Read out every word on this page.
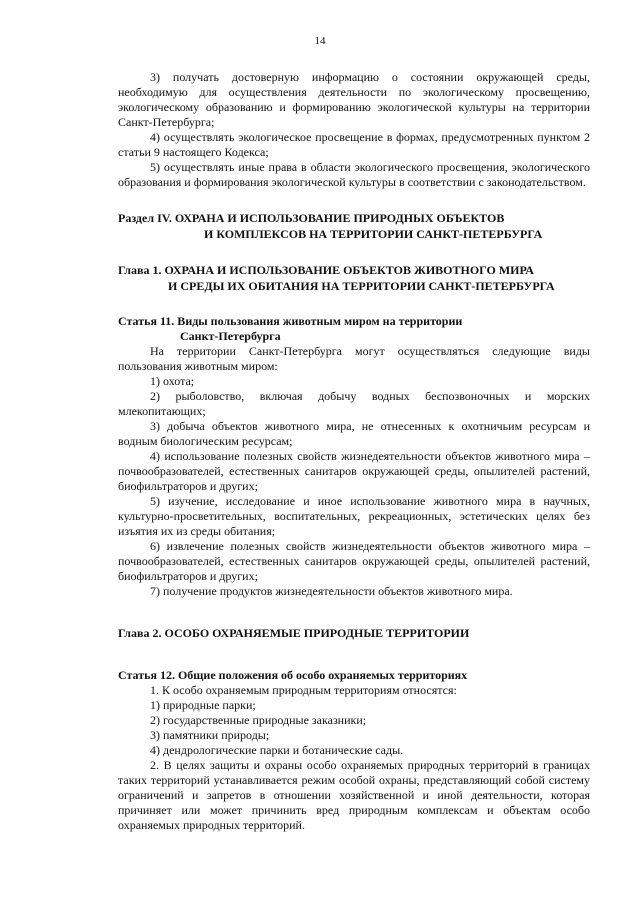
14

3) получать достоверную информацию о состоянии окружающей среды, необходимую для осуществления деятельности по экологическому просвещению, экологическому образованию и формированию экологической культуры на территории Санкт-Петербурга;

4) осуществлять экологическое просвещение в формах, предусмотренных пунктом 2 статьи 9 настоящего Кодекса;

5) осуществлять иные права в области экологического просвещения, экологического образования и формирования экологической культуры в соответствии с законодательством.

Раздел IV. ОХРАНА И ИСПОЛЬЗОВАНИЕ ПРИРОДНЫХ ОБЪЕКТОВ
И КОМПЛЕКСОВ НА ТЕРРИТОРИИ САНКТ-ПЕТЕРБУРГА
Глава 1. ОХРАНА И ИСПОЛЬЗОВАНИЕ ОБЪЕКТОВ ЖИВОТНОГО МИРА
И СРЕДЫ ИХ ОБИТАНИЯ НА ТЕРРИТОРИИ САНКТ-ПЕТЕРБУРГА
Статья 11. Виды пользования животным миром на территории
Санкт-Петербурга

На территории Санкт-Петербурга могут осуществляться следующие виды пользования животным миром:

1) охота;

2) рыболовство, включая добычу водных беспозвоночных и морских млекопитающих;

3) добыча объектов животного мира, не отнесенных к охотничьим ресурсам и водным биологическим ресурсам;

4) использование полезных свойств жизнедеятельности объектов животного мира – почвообразователей, естественных санитаров окружающей среды, опылителей растений, биофильтраторов и других;

5) изучение, исследование и иное использование животного мира в научных, культурно-просветительных, воспитательных, рекреационных, эстетических целях без изъятия их из среды обитания;

6) извлечение полезных свойств жизнедеятельности объектов животного мира – почвообразователей, естественных санитаров окружающей среды, опылителей растений, биофильтраторов и других;

7) получение продуктов жизнедеятельности объектов животного мира.

Глава 2. ОСОБО ОХРАНЯЕМЫЕ ПРИРОДНЫЕ ТЕРРИТОРИИ
Статья 12. Общие положения об особо охраняемых территориях

1. К особо охраняемым природным территориям относятся:

1) природные парки;

2) государственные природные заказники;

3) памятники природы;

4) дендрологические парки и ботанические сады.

2. В целях защиты и охраны особо охраняемых природных территорий в границах таких территорий устанавливается режим особой охраны, представляющий собой систему ограничений и запретов в отношении хозяйственной и иной деятельности, которая причиняет или может причинить вред природным комплексам и объектам особо охраняемых природных территорий.
